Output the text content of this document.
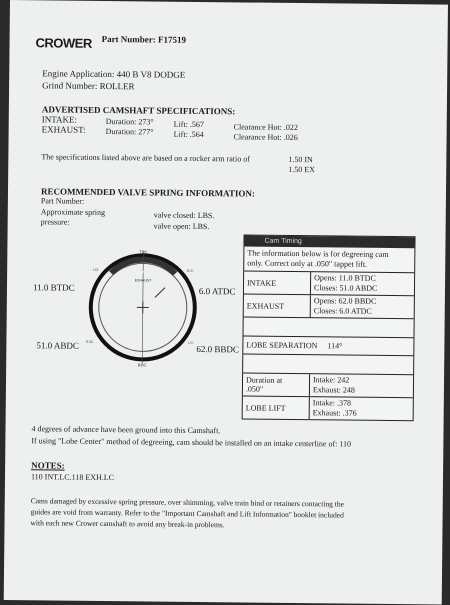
CROWER Part Number: F17519
Engine Application: 440 B V8 DODGE
Grind Number: ROLLER
ADVERTISED CAMSHAFT SPECIFICATIONS:
INTAKE:	Duration: 273°	Lift: .567	Clearance Hot: .022
EXHAUST: Duration: 277°	Lift: .564	Clearance Hot: .026
The specifications listed above are based on a rocker arm ratio of	1.50 IN
1.50 EX
RECOMMENDED VALVE SPRING INFORMATION:
Part Number:
Approximate spring
pressure:
valve closed: LBS.
valve open: LBS.
TDC
BDC
INTAKE
EXHAUST
I.O.	E.C.
E.O.	I.C.
11.0 BTDC	6.0 ATDC
51.0 ABDC	62.0 BBDC
Cam Timing
The information below is for degreeing cam
only. Correct only at .050" tappet lift.
INTAKE	Opens: 11.0 BTDC
Closes: 51.0 ABDC
EXHAUST	Opens: 62.0 BBDC
Closes: 6.0 ATDC
LOBE SEPARATION 114°
Duration at
.050"
Intake: 242
Exhaust: 248
LOBE LIFT
Intake: .378
Exhaust: .376
4 degrees of advance have been ground into this Camshaft.
If using "Lobe Center" method of degreeing, cam should be installed on an intake centerline of: 110
NOTES:
110 INT.LC.118 EXH.LC
Cams damaged by excessive spring pressure, over shimming, valve train bind or retainers contacting the
guides are void from warranty. Refer to the "Important Camshaft and Lift Information" booklet included
with each new Crower camshaft to avoid any break-in problems.
